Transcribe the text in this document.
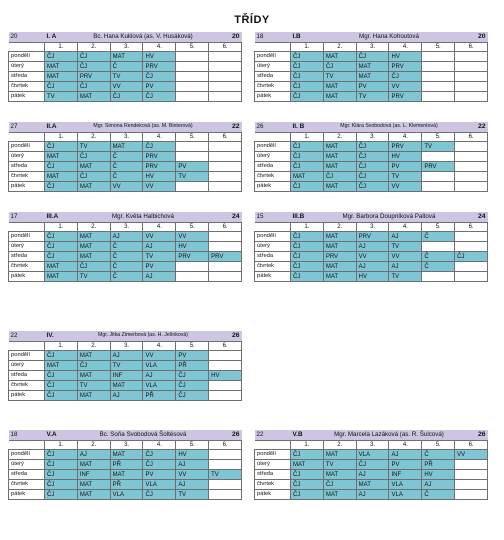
TŘÍDY
20	I. A	Bc. Hana Kuklová (as. V. Husáková)				20
	1.	2.	3.	4.	5.	6.
pondělí	ČJ	ČJ	MAT	HV		
úterý	MAT	ČJ	Č	PRV		
středa	MAT	PRV	TV	ČJ		
čtvrtek	ČJ	ČJ	VV	PV		
pátek	TV	MAT	ČJ	ČJ		
18	I.B	Mgr. Hana Kohoutová				20
	1.	2.	3.	4.	5.	6.
pondělí	ČJ	MAT	ČJ	HV		
úterý	ČJ	ČJ	MAT	PRV		
středa	ČJ	TV	MAT	ČJ		
čtvrtek	ČJ	MAT	PV	VV		
pátek	ČJ	MAT	TV	PRV		
27	II.A	Mgr. Simona Rendeková (as. M. Binterová)				22
	1.	2.	3.	4.	5.	6.
pondělí	ČJ	TV	MAT	ČJ		
úterý	MAT	ČJ	Č	PRV		
středa	ČJ	MAT	Č	PRV	PV	
čtvrtek	MAT	ČJ	Č	HV	TV	
pátek	ČJ	MAT	VV	VV		
26	II. B	Mgr. Klára Svobodová (as. L. Klementová)				22
	1.	2.	3.	4.	5.	6.
pondělí	ČJ	MAT	ČJ	PRV	TV	
úterý	ČJ	MAT	ČJ	HV		
středa	ČJ	MAT	ČJ	PV	PRV	
čtvrtek	MAT	ČJ	ČJ	TV		
pátek	ČJ	MAT	ČJ	VV		
17	III.A	Mgr. Květa Halbichová				24
	1.	2.	3.	4.	5.	6.
pondělí	ČJ	MAT	AJ	VV	VV	
úterý	ČJ	MAT	Č	AJ	HV	
středa	ČJ	MAT	Č	TV	PRV	PRV
čtvrtek	MAT	ČJ	Č	PV		
pátek	MAT	TV	Č	AJ		
15	III.B	Mgr. Barbora Doupníková Paltová				24
	1.	2.	3.	4.	5.	6.
pondělí	ČJ	MAT	PRV	AJ	Č	
úterý	ČJ	MAT	AJ	TV		
středa	ČJ	PRV	VV	VV	Č	ČJ
čtvrtek	ČJ	MAT	AJ	AJ	Č	
pátek	ČJ	MAT	HV	TV		
22	IV.	Mgr. Jitka Zimerbová (as. H. Jelínková)				26
	1.	2.	3.	4.	5.	6.
pondělí	ČJ	MAT	AJ	VV	PV	
úterý	MAT	ČJ	TV	VLA	PŘ	
středa	ČJ	MAT	INF	AJ	ČJ	HV
čtvrtek	ČJ	TV	MAT	VLA	ČJ	
pátek	ČJ	MAT	AJ	PŘ	ČJ	
18	V.A	Bc. Soňa Svobodová Šoltésová				26
	1.	2.	3.	4.	5.	6.
pondělí	ČJ	AJ	MAT	ČJ	HV	
úterý	ČJ	MAT	PŘ	ČJ	AJ	
středa	ČJ	INF	MAT	PV	VV	TV
čtvrtek	ČJ	MAT	PŘ	VLA	AJ	
pátek	ČJ	MAT	VLA	ČJ	TV	
22	V.B	Mgr. Marcela Lazáková (as. R. Šulcová)				26
	1.	2.	3.	4.	5.	6.
pondělí	ČJ	MAT	VLA	AJ	Č	VV
úterý	MAT	TV	ČJ	PV	PŘ	
středa	ČJ	MAT	AJ	INF	HV	
čtvrtek	ČJ	ČJ	MAT	VLA	AJ	
pátek	ČJ	MAT	AJ	VLA	Č	
